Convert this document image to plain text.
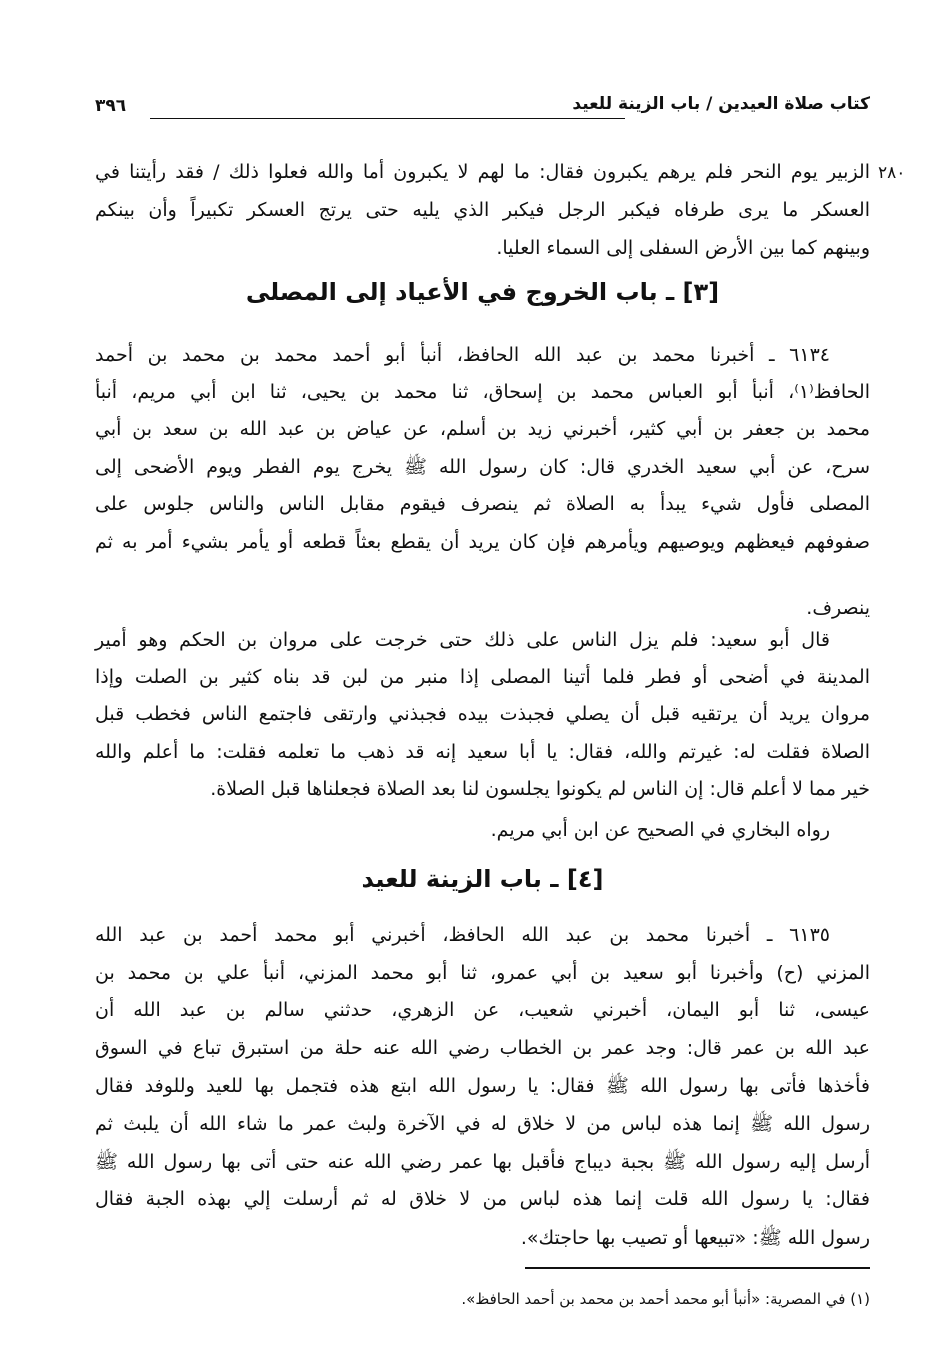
كتاب صلاة العيدين / باب الزينة للعيد
٣٩٦
٢٨٠
الزبير يوم النحر فلم يرهم يكبرون فقال: ما لهم لا يكبرون أما والله فعلوا ذلك / فقد رأيتنا في
العسكر ما يرى طرفاه فيكبر الرجل فيكبر الذي يليه حتى يرتج العسكر تكبيراً وأن بينكم
وبينهم كما بين الأرض السفلى إلى السماء العليا.
[٣] ـ باب الخروج في الأعياد إلى المصلى
٦١٣٤ ـ أخبرنا محمد بن عبد الله الحافظ، أنبأ أبو أحمد محمد بن محمد بن أحمد
الحافظ⁽١⁾، أنبأ أبو العباس محمد بن إسحاق، ثنا محمد بن يحيى، ثنا ابن أبي مريم، أنبأ
محمد بن جعفر بن أبي كثير، أخبرني زيد بن أسلم، عن عياض بن عبد الله بن سعد بن أبي
سرح، عن أبي سعيد الخدري قال: كان رسول الله ﷺ يخرج يوم الفطر ويوم الأضحى إلى
المصلى فأول شيء يبدأ به الصلاة ثم ينصرف فيقوم مقابل الناس والناس جلوس على
صفوفهم فيعظهم ويوصيهم ويأمرهم فإن كان يريد أن يقطع بعثاً قطعه أو يأمر بشيء أمر به ثم
ينصرف.
قال أبو سعيد: فلم يزل الناس على ذلك حتى خرجت على مروان بن الحكم وهو أمير
المدينة في أضحى أو فطر فلما أتينا المصلى إذا منبر من لبن قد بناه كثير بن الصلت وإذا
مروان يريد أن يرتقيه قبل أن يصلي فجبذت بيده فجبذني وارتقى فاجتمع الناس فخطب قبل
الصلاة فقلت له: غيرتم والله، فقال: يا أبا سعيد إنه قد ذهب ما تعلمه فقلت: ما أعلم والله
خير مما لا أعلم قال: إن الناس لم يكونوا يجلسون لنا بعد الصلاة فجعلناها قبل الصلاة.
رواه البخاري في الصحيح عن ابن أبي مريم.
[٤] ـ باب الزينة للعيد
٦١٣٥ ـ أخبرنا محمد بن عبد الله الحافظ، أخبرني أبو محمد أحمد بن عبد الله
المزني (ح) وأخبرنا أبو سعيد بن أبي عمرو، ثنا أبو محمد المزني، أنبأ علي بن محمد بن
عيسى، ثنا أبو اليمان، أخبرني شعيب، عن الزهري، حدثني سالم بن عبد الله أن
عبد الله بن عمر قال: وجد عمر بن الخطاب رضي الله عنه حلة من استبرق تباع في السوق
فأخذها فأتى بها رسول الله ﷺ فقال: يا رسول الله ابتع هذه فتجمل بها للعيد وللوفد فقال
رسول الله ﷺ إنما هذه لباس من لا خلاق له في الآخرة ولبث عمر ما شاء الله أن يلبث ثم
أرسل إليه رسول الله ﷺ بجبة ديباج فأقبل بها عمر رضي الله عنه حتى أتى بها رسول الله ﷺ
فقال: يا رسول الله قلت إنما هذه لباس من لا خلاق له ثم أرسلت إلي بهذه الجبة فقال
رسول الله ﷺ: «تبيعها أو تصيب بها حاجتك».
(١) في المصرية: «أنبأ أبو محمد أحمد بن محمد بن أحمد الحافظ».
